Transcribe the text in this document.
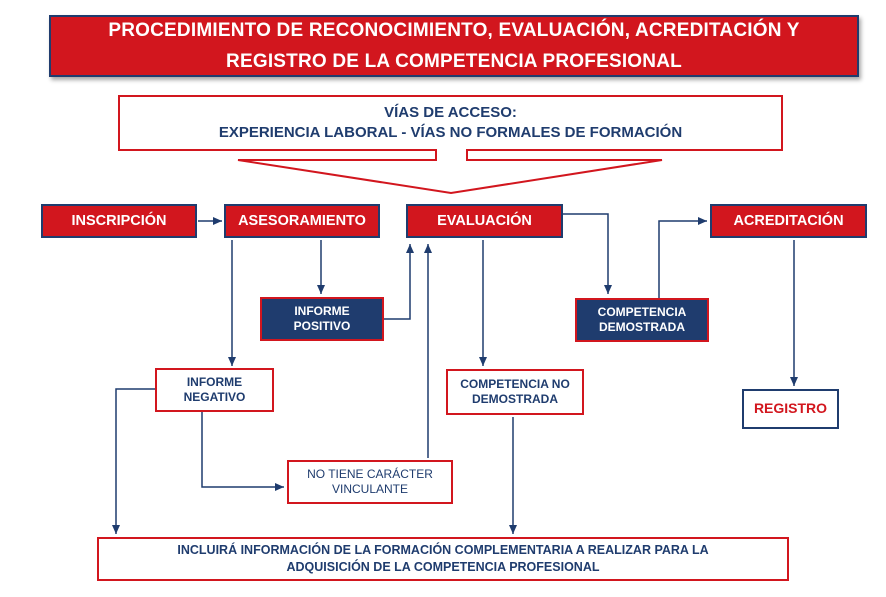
PROCEDIMIENTO DE RECONOCIMIENTO, EVALUACIÓN, ACREDITACIÓN Y
REGISTRO DE LA COMPETENCIA PROFESIONAL
VÍAS DE ACCESO:
EXPERIENCIA LABORAL - VÍAS NO FORMALES DE FORMACIÓN
INSCRIPCIÓN	ASESORAMIENTO	EVALUACIÓN	ACREDITACIÓN
INFORME
POSITIVO
COMPETENCIA
DEMOSTRADA
INFORME
NEGATIVO
COMPETENCIA NO
DEMOSTRADA
NO TIENE CARÁCTER
VINCULANTE
REGISTRO
INCLUIRÁ INFORMACIÓN DE LA FORMACIÓN COMPLEMENTARIA A REALIZAR PARA LA
ADQUISICIÓN DE LA COMPETENCIA PROFESIONAL
